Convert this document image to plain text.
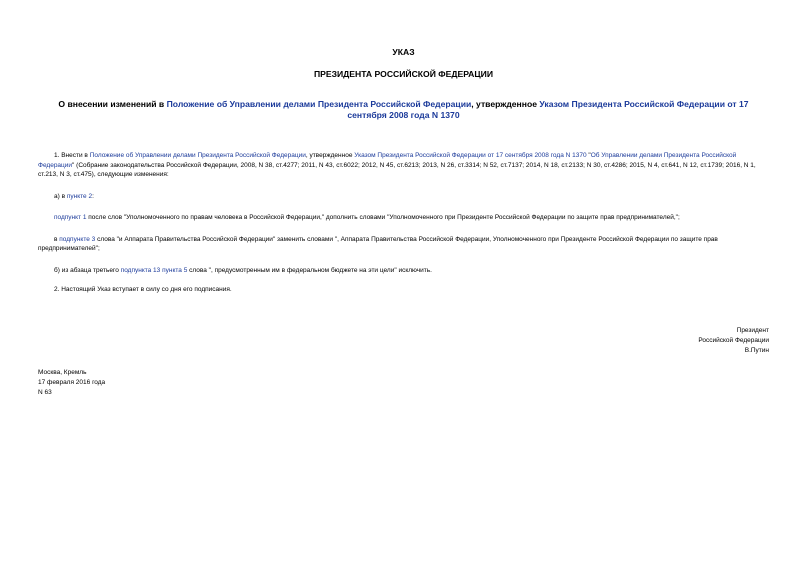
УКАЗ
ПРЕЗИДЕНТА РОССИЙСКОЙ ФЕДЕРАЦИИ
О внесении изменений в Положение об Управлении делами Президента Российской Федерации, утвержденное Указом Президента Российской Федерации от 17 сентября 2008 года N 1370

1. Внести в Положение об Управлении делами Президента Российской Федерации, утвержденное Указом Президента Российской Федерации от 17 сентября 2008 года N 1370 "Об Управлении делами Президента Российской Федерации" (Собрание законодательства Российской Федерации, 2008, N 38, ст.4277; 2011, N 43, ст.6022; 2012, N 45, ст.6213; 2013, N 26, ст.3314; N 52, ст.7137; 2014, N 18, ст.2133; N 30, ст.4286; 2015, N 4, ст.641, N 12, ст.1739; 2016, N 1, ст.213, N 3, ст.475), следующие изменения:

а) в пункте 2:

подпункт 1 после слов "Уполномоченного по правам человека в Российской Федерации," дополнить словами "Уполномоченного при Президенте Российской Федерации по защите прав предпринимателей,";

в подпункте 3 слова "и Аппарата Правительства Российской Федерации" заменить словами ", Аппарата Правительства Российской Федерации, Уполномоченного при Президенте Российской Федерации по защите прав предпринимателей";

б) из абзаца третьего подпункта 13 пункта 5 слова ", предусмотренным им в федеральном бюджете на эти цели" исключить.

2. Настоящий Указ вступает в силу со дня его подписания.

Президент
Российской Федерации
В.Путин
Москва, Кремль
17 февраля 2016 года
N 63
